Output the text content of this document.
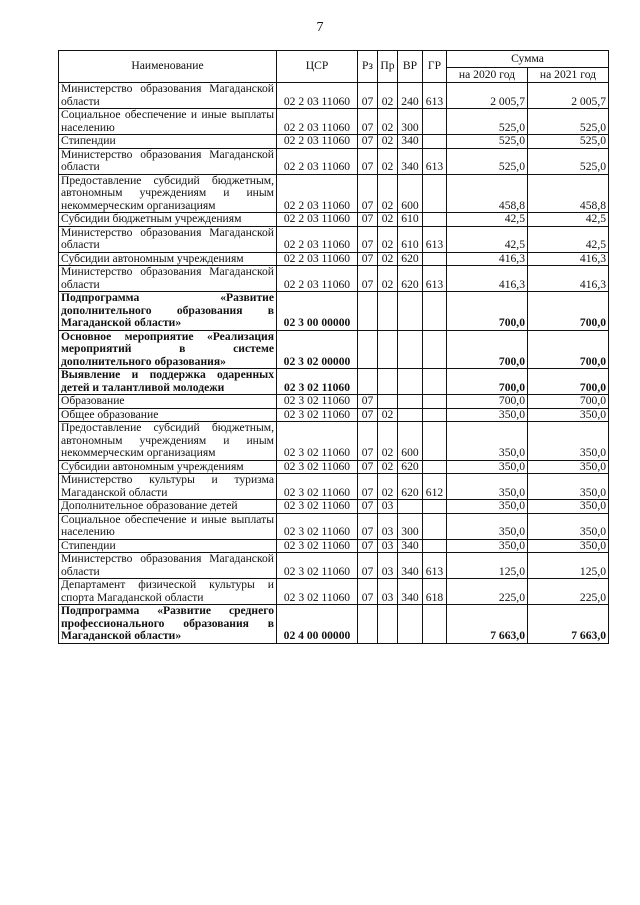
7
Наименование	ЦСР	Рз	Пр	ВР	ГР	Сумма	
						на 2020 год	на 2021 год
Министерство образования Магаданской области	02 2 03 11060	07	02	240	613	2 005,7	2 005,7
Социальное обеспечение и иные выплаты населению	02 2 03 11060	07	02	300		525,0	525,0
Стипендии	02 2 03 11060	07	02	340		525,0	525,0
Министерство образования Магаданской области	02 2 03 11060	07	02	340	613	525,0	525,0
Предоставление субсидий бюджетным, автономным учреждениям и иным некоммерческим организациям	02 2 03 11060	07	02	600		458,8	458,8
Субсидии бюджетным учреждениям	02 2 03 11060	07	02	610		42,5	42,5
Министерство образования Магаданской области	02 2 03 11060	07	02	610	613	42,5	42,5
Субсидии автономным учреждениям	02 2 03 11060	07	02	620		416,3	416,3
Министерство образования Магаданской области	02 2 03 11060	07	02	620	613	416,3	416,3
Подпрограмма «Развитие дополнительного образования в Магаданской области»	02 3 00 00000					700,0	700,0
Основное мероприятие «Реализация мероприятий в системе дополнительного образования»	02 3 02 00000					700,0	700,0
Выявление и поддержка одаренных детей и талантливой молодежи	02 3 02 11060					700,0	700,0
Образование	02 3 02 11060	07				700,0	700,0
Общее образование	02 3 02 11060	07	02			350,0	350,0
Предоставление субсидий бюджетным, автономным учреждениям и иным некоммерческим организациям	02 3 02 11060	07	02	600		350,0	350,0
Субсидии автономным учреждениям	02 3 02 11060	07	02	620		350,0	350,0
Министерство культуры и туризма Магаданской области	02 3 02 11060	07	02	620	612	350,0	350,0
Дополнительное образование детей	02 3 02 11060	07	03			350,0	350,0
Социальное обеспечение и иные выплаты населению	02 3 02 11060	07	03	300		350,0	350,0
Стипендии	02 3 02 11060	07	03	340		350,0	350,0
Министерство образования Магаданской области	02 3 02 11060	07	03	340	613	125,0	125,0
Департамент физической культуры и спорта Магаданской области	02 3 02 11060	07	03	340	618	225,0	225,0
Подпрограмма «Развитие среднего профессионального образования в Магаданской области»	02 4 00 00000					7 663,0	7 663,0
